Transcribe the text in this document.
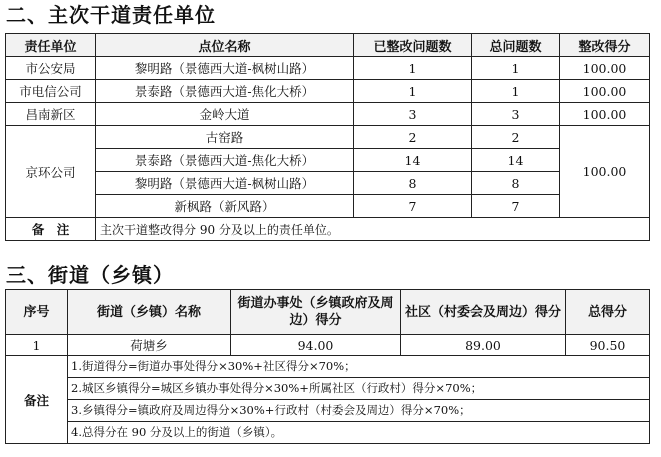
二、主次干道责任单位
责任单位	点位名称	已整改问题数	总问题数	整改得分
市公安局	黎明路（景德西大道-枫树山路）	1	1	100.00
市电信公司	景泰路（景德西大道-焦化大桥）	1	1	100.00
昌南新区	金岭大道	3	3	100.00
京环公司	古窑路	2	2	100.00
	景泰路（景德西大道-焦化大桥）	14	14	
	黎明路（景德西大道-枫树山路）	8	8	
	新枫路（新风路）	7	7	
备　注	主次干道整改得分 90 分及以上的责任单位。			
三、街道（乡镇）
序号	街道（乡镇）名称	街道办事处（乡镇政府及周边）得分	社区（村委会及周边）得分	总得分
1	荷塘乡	94.00	89.00	90.50
备注	1.街道得分=街道办事处得分×30%+社区得分×70%；
2.城区乡镇得分=城区乡镇办事处得分×30%+所属社区（行政村）得分×70%；
3.乡镇得分=镇政府及周边得分×30%+行政村（村委会及周边）得分×70%；
4.总得分在 90 分及以上的街道（乡镇）。			
